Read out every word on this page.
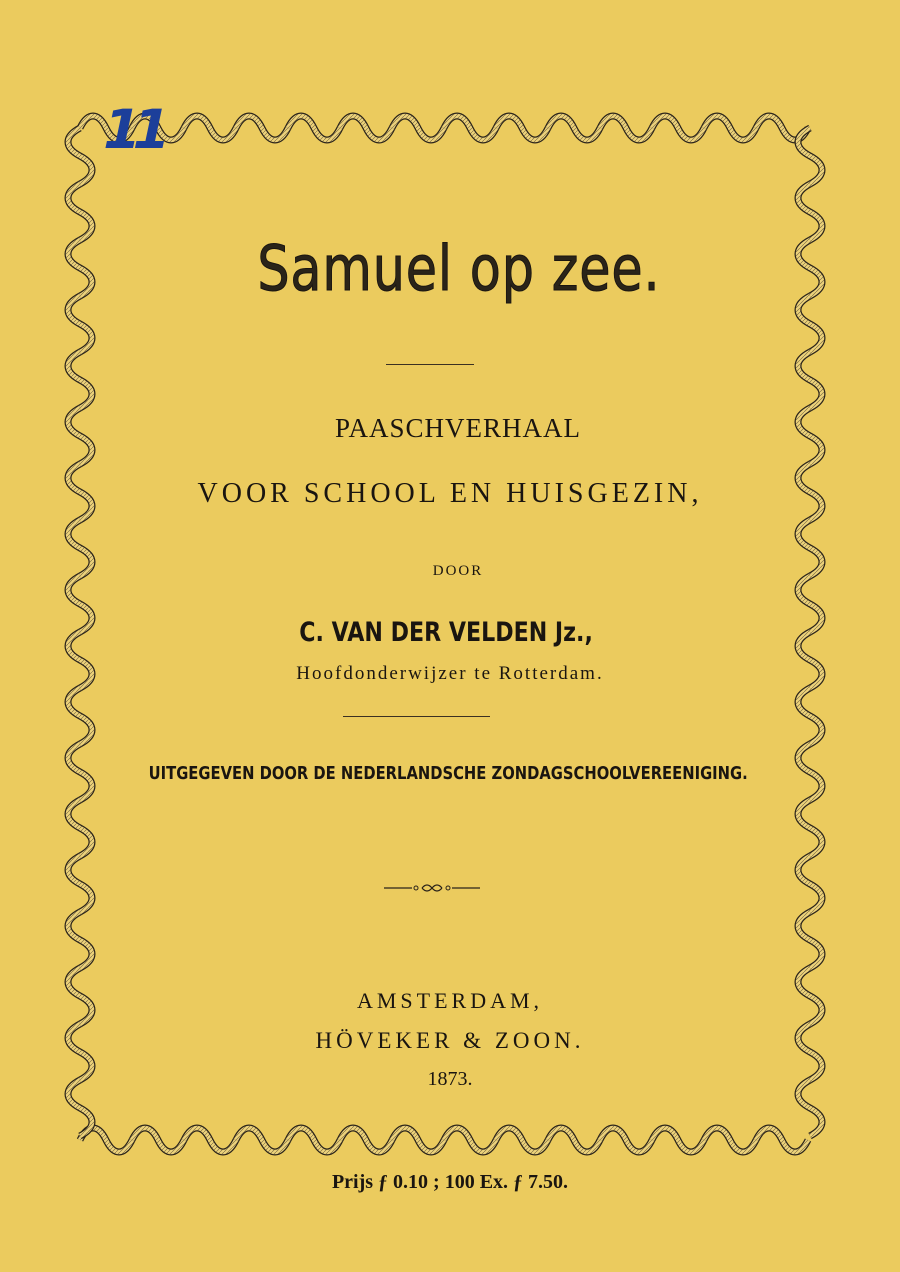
11
Samuel op zee.
PAASCHVERHAAL
VOOR SCHOOL EN HUISGEZIN,
DOOR
C. VAN DER VELDEN Jz.,
Hoofdonderwijzer te Rotterdam.
UITGEGEVEN DOOR DE NEDERLANDSCHE ZONDAGSCHOOLVEREENIGING.
AMSTERDAM,
HÖVEKER & ZOON.
1873.
Prijs ƒ 0.10 ; 100 Ex. ƒ 7.50.
